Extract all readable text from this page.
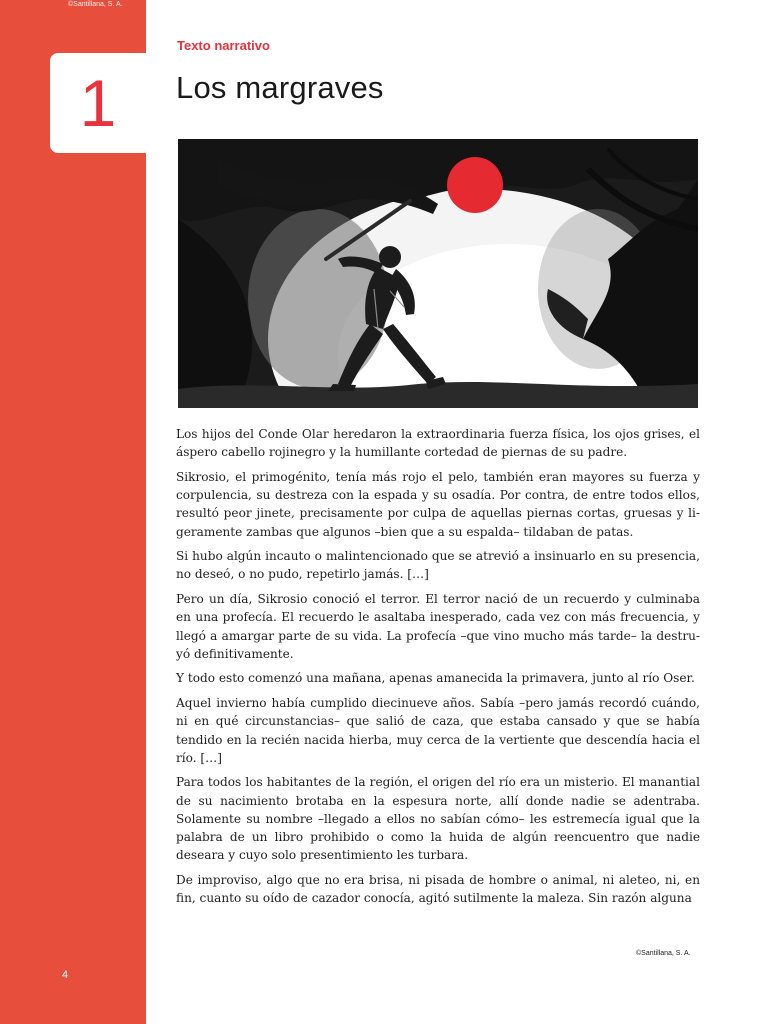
©Santillana, S. A.
1
4
Texto narrativo
Los margraves

Los hijos del Conde Olar heredaron la extraordinaria fuerza física, los ojos grises, el áspero cabello rojinegro y la humillante cortedad de piernas de su padre.

Sikrosio, el primogénito, tenía más rojo el pelo, también eran mayores su fuerza y corpulencia, su destreza con la espada y su osadía. Por contra, de entre todos ellos, resultó peor jinete, precisamente por culpa de aquellas piernas cortas, gruesas y ligeramente zambas que algunos –bien que a su espalda– tildaban de patas.

Si hubo algún incauto o malintencionado que se atrevió a insinuarlo en su presencia, no deseó, o no pudo, repetirlo jamás. […]

Pero un día, Sikrosio conoció el terror. El terror nació de un recuerdo y culminaba en una profecía. El recuerdo le asaltaba inesperado, cada vez con más frecuencia, y llegó a amargar parte de su vida. La profecía –que vino mucho más tarde– la destruyó definitivamente.

Y todo esto comenzó una mañana, apenas amanecida la primavera, junto al río Oser.

Aquel invierno había cumplido diecinueve años. Sabía –pero jamás recordó cuándo, ni en qué circunstancias– que salió de caza, que estaba cansado y que se había tendido en la recién nacida hierba, muy cerca de la vertiente que descendía hacia el río. […]

Para todos los habitantes de la región, el origen del río era un misterio. El manantial de su nacimiento brotaba en la espesura norte, allí donde nadie se adentraba. Solamente su nombre –llegado a ellos no sabían cómo– les estremecía igual que la palabra de un libro prohibido o como la huida de algún reencuentro que nadie deseara y cuyo solo presentimiento les turbara.

De improviso, algo que no era brisa, ni pisada de hombre o animal, ni aleteo, ni, en fin, cuanto su oído de cazador conocía, agitó sutilmente la maleza. Sin razón alguna

©Santillana, S. A.
